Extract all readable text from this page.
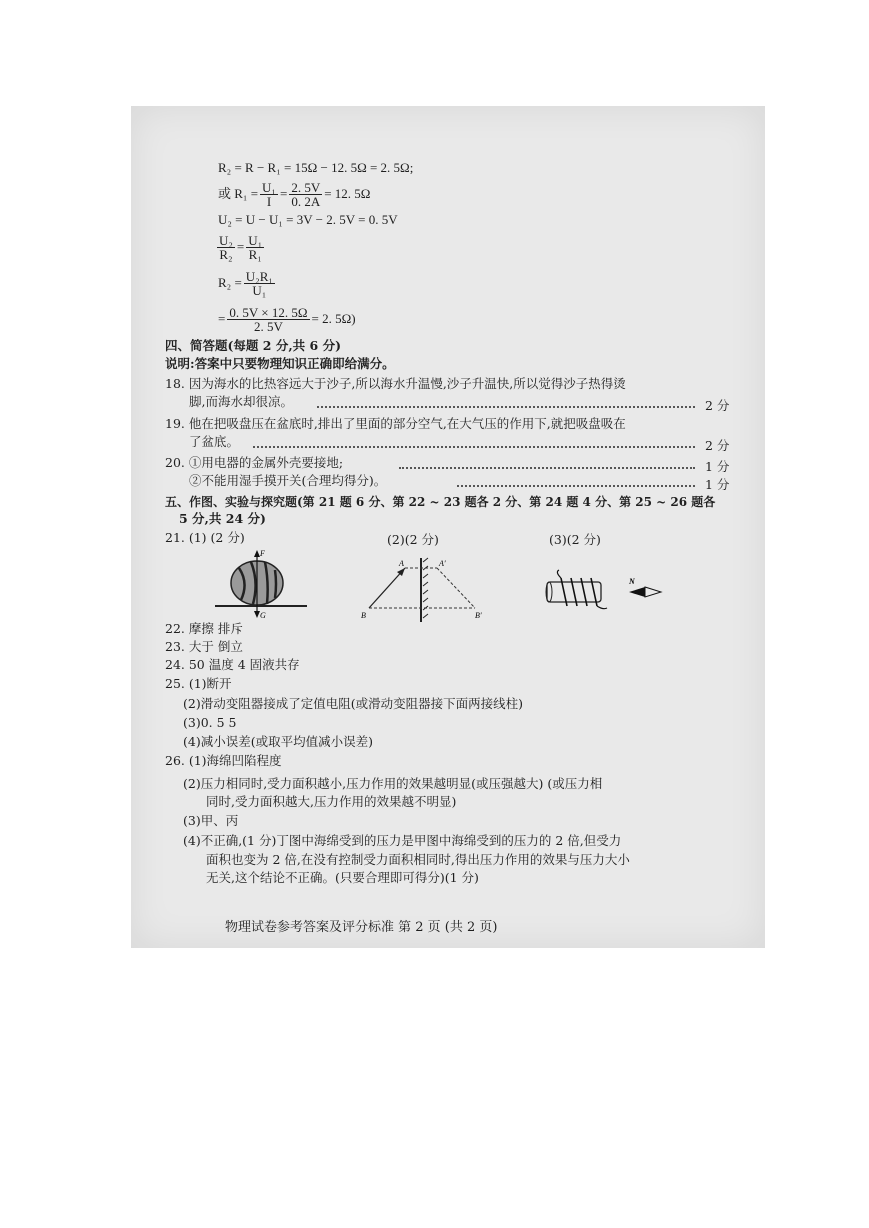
R₂ = R − R₁ = 15Ω − 12. 5Ω = 2. 5Ω;
或 $R_1 = \frac{\text{U₁}}{I} = \frac{2. 5V}{0. 2A} = 12$. 5Ω
U₂ = U − U₁ = 3V − 2. 5V = 0. 5V
$\frac{\text{U₂}}{\text{R₂}} = \frac{\text{U₁}}{\text{R₁}}$
$R_2 = \frac{\text{U₂R₁}}{\text{U₁}}$
= $\frac{0. 5V \times 12. 5\Omega}{2. 5V} = 2$. 5Ω)
四、简答题(每题 2 分,共 6 分)
说明:答案中只要物理知识正确即给满分。
18. 因为海水的比热容远大于沙子,所以海水升温慢,沙子升温快,所以觉得沙子热得烫
脚,而海水却很凉。	2 分
19. 他在把吸盘压在盆底时,排出了里面的部分空气,在大气压的作用下,就把吸盘吸在
了盆底。	2 分
20. ①用电器的金属外壳要接地;	1 分
②不能用湿手摸开关(合理均得分)。	1 分
五、作图、实验与探究题(第 21 题 6 分、第 22 ~ 23 题各 2 分、第 24 题 4 分、第 25 ~ 26 题各
5 分,共 24 分)
21. (1) (2 分)	(2)(2 分)	(3)(2 分)
F
G
A	A′
B	B′
N
22. 摩擦 排斥
23. 大于 倒立
24. 50 温度 4 固液共存
25. (1)断开
(2)滑动变阻器接成了定值电阻(或滑动变阻器接下面两接线柱)
(3)0. 5 5
(4)减小误差(或取平均值减小误差)
26. (1)海绵凹陷程度
(2)压力相同时,受力面积越小,压力作用的效果越明显(或压强越大) (或压力相
同时,受力面积越大,压力作用的效果越不明显)
(3)甲、丙
(4)不正确,(1 分)丁图中海绵受到的压力是甲图中海绵受到的压力的 2 倍,但受力
面积也变为 2 倍,在没有控制受力面积相同时,得出压力作用的效果与压力大小
无关,这个结论不正确。(只要合理即可得分)(1 分)
物理试卷参考答案及评分标准 第 2 页 (共 2 页)
